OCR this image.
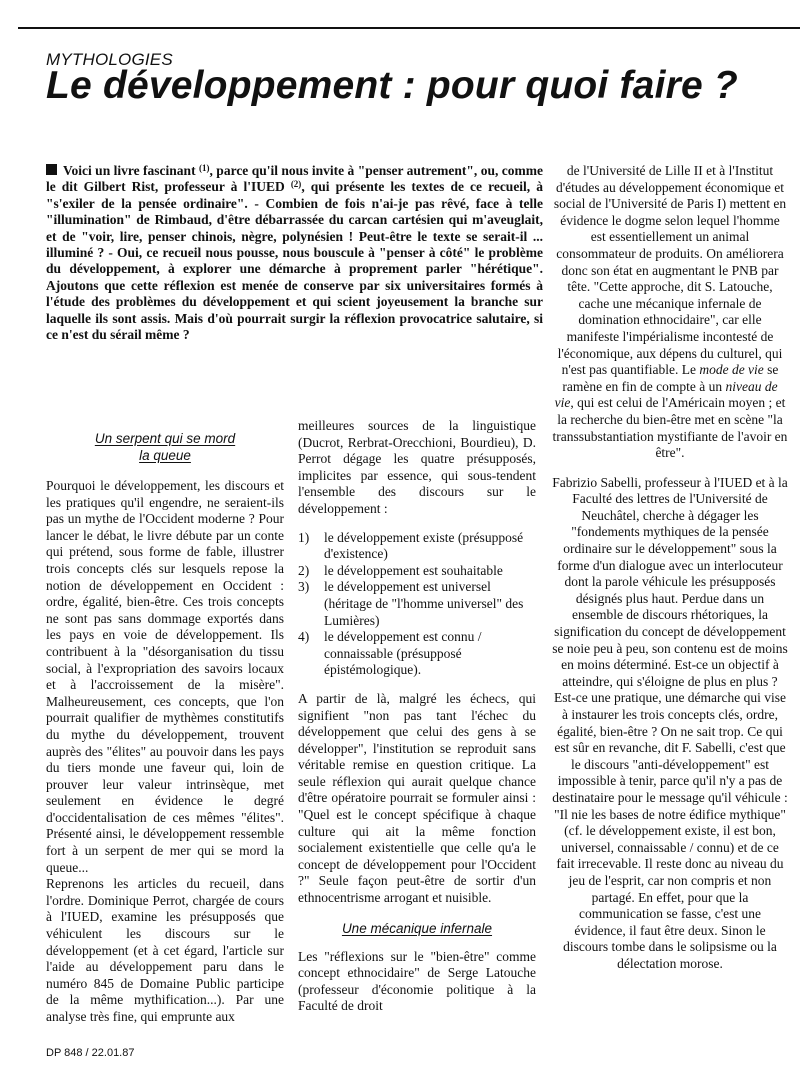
MYTHOLOGIES
Le développement : pour quoi faire ?

Voici un livre fascinant $^{(1)}$, parce qu'il nous invite à "penser autrement", ou, comme le dit Gilbert Rist, professeur à l'IUED $^{(2)}$, qui présente les textes de ce recueil, à "s'exiler de la pensée ordinaire". - Combien de fois n'ai-je pas rêvé, face à telle "illumination" de Rimbaud, d'être débarrassée du carcan cartésien qui m'aveuglait, et de "voir, lire, penser chinois, nègre, polynésien ! Peut-être le texte se serait-il ... illuminé ? - Oui, ce recueil nous pousse, nous bouscule à "penser à côté" le problème du développement, à explorer une démarche à proprement parler "hérétique". Ajoutons que cette réflexion est menée de conserve par six universitaires formés à l'étude des problèmes du développement et qui scient joyeusement la branche sur laquelle ils sont assis. Mais d'où pourrait surgir la réflexion provocatrice salutaire, si ce n'est du sérail même ?

Un serpent qui se mord
la queue

Pourquoi le développement, les discours et les pratiques qu'il engendre, ne seraient-ils pas un mythe de l'Occident moderne ? Pour lancer le débat, le livre débute par un conte qui prétend, sous forme de fable, illustrer trois concepts clés sur lesquels repose la notion de développement en Occident : ordre, égalité, bien-être. Ces trois concepts ne sont pas sans dommage exportés dans les pays en voie de développement. Ils contribuent à la "désorganisation du tissu social, à l'expropriation des savoirs locaux et à l'accroissement de la misère". Malheureusement, ces concepts, que l'on pourrait qualifier de mythèmes constitutifs du mythe du développement, trouvent auprès des "élites" au pouvoir dans les pays du tiers monde une faveur qui, loin de prouver leur valeur intrinsèque, met seulement en évidence le degré d'occidentalisation de ces mêmes "élites". Présenté ainsi, le développement ressemble fort à un serpent de mer qui se mord la queue...

Reprenons les articles du recueil, dans l'ordre. Dominique Perrot, chargée de cours à l'IUED, examine les présupposés que véhiculent les discours sur le développement (et à cet égard, l'article sur l'aide au développement paru dans le numéro 845 de Domaine Public participe de la même mythification...). Par une analyse très fine, qui emprunte aux

meilleures sources de la linguistique (Ducrot, Rerbrat-Orecchioni, Bourdieu), D. Perrot dégage les quatre présupposés, implicites par essence, qui sous-tendent l'ensemble des discours sur le développement :

1)	le développement existe (présupposé d'existence)
2)	le développement est souhaitable
3)	le développement est universel (héritage de "l'homme universel" des Lumières)
4)	le développement est connu / connaissable (présupposé épistémologique).

A partir de là, malgré les échecs, qui signifient "non pas tant l'échec du développement que celui des gens à se développer", l'institution se reproduit sans véritable remise en question critique. La seule réflexion qui aurait quelque chance d'être opératoire pourrait se formuler ainsi : "Quel est le concept spécifique à chaque culture qui ait la même fonction socialement existentielle que celle qu'a le concept de développement pour l'Occident ?" Seule façon peut-être de sortir d'un ethnocentrisme arrogant et nuisible.

Une mécanique infernale

Les "réflexions sur le "bien-être" comme concept ethnocidaire" de Serge Latouche (professeur d'économie politique à la Faculté de droit

de l'Université de Lille II et à l'Institut d'études au développement économique et social de l'Université de Paris I) mettent en évidence le dogme selon lequel l'homme est essentiellement un animal consommateur de produits. On améliorera donc son état en augmentant le PNB par tête. "Cette approche, dit S. Latouche, cache une mécanique infernale de domination ethnocidaire", car elle manifeste l'impérialisme incontesté de l'économique, aux dépens du culturel, qui n'est pas quantifiable. Le mode de vie se ramène en fin de compte à un niveau de vie, qui est celui de l'Américain moyen ; et la recherche du bien-être met en scène "la transsubstantiation mystifiante de l'avoir en être".

Fabrizio Sabelli, professeur à l'IUED et à la Faculté des lettres de l'Université de Neuchâtel, cherche à dégager les "fondements mythiques de la pensée ordinaire sur le développement" sous la forme d'un dialogue avec un interlocuteur dont la parole véhicule les présupposés désignés plus haut. Perdue dans un ensemble de discours rhétoriques, la signification du concept de développement se noie peu à peu, son contenu est de moins en moins déterminé. Est-ce un objectif à atteindre, qui s'éloigne de plus en plus ? Est-ce une pratique, une démarche qui vise à instaurer les trois concepts clés, ordre, égalité, bien-être ? On ne sait trop. Ce qui est sûr en revanche, dit F. Sabelli, c'est que le discours "anti-développement" est impossible à tenir, parce qu'il n'y a pas de destinataire pour le message qu'il véhicule : "Il nie les bases de notre édifice mythique" (cf. le développement existe, il est bon, universel, connaissable / connu) et de ce fait irrecevable. Il reste donc au niveau du jeu de l'esprit, car non compris et non partagé. En effet, pour que la communication se fasse, c'est une évidence, il faut être deux. Sinon le discours tombe dans le solipsisme ou la délectation morose.

DP 848 / 22.01.87
